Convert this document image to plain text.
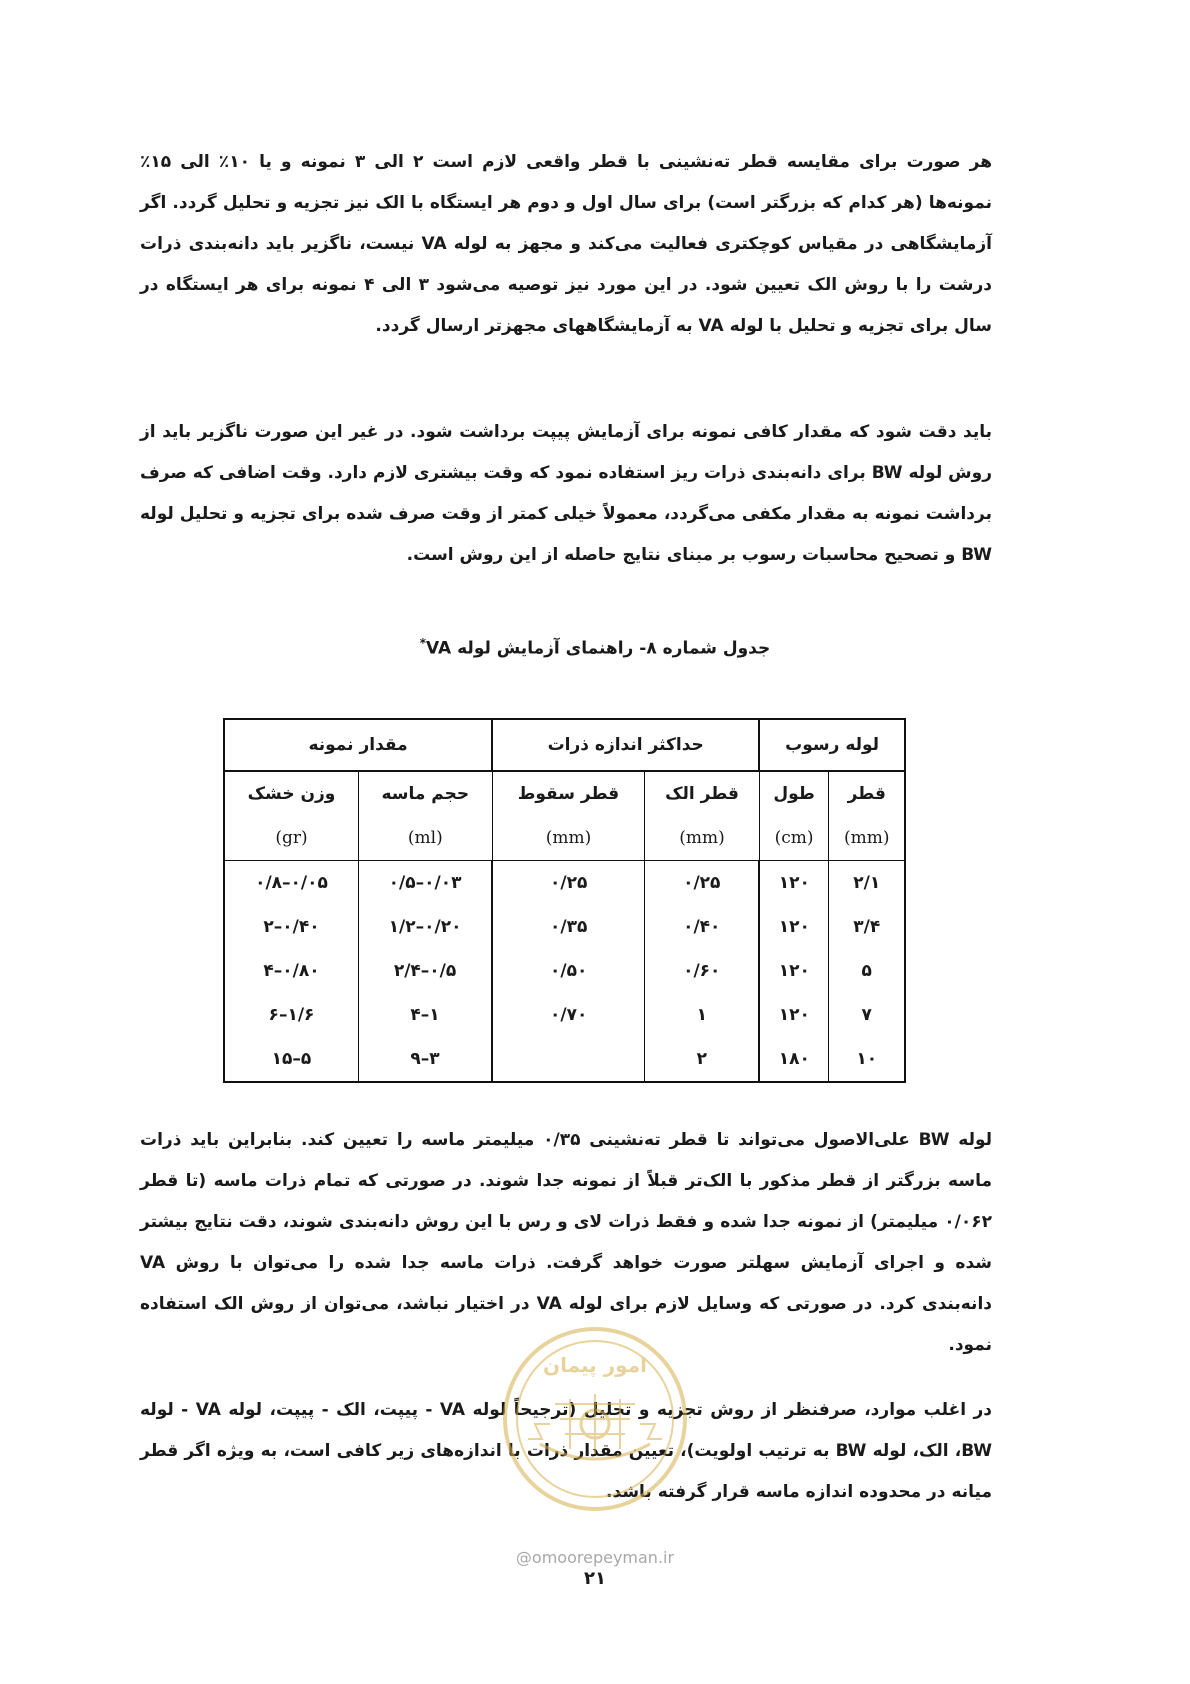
هر صورت برای مقایسه قطر ته‌نشینی با قطر واقعی لازم است ۲ الی ۳ نمونه و یا ۱۰٪ الی ۱۵٪ نمونه‌ها (هر کدام که بزرگتر است) برای سال اول و دوم هر ایستگاه با الک نیز تجزیه و تحلیل گردد. اگر آزمایشگاهی در مقیاس کوچکتری فعالیت می‌کند و مجهز به لوله VA نیست، ناگزیر باید دانه‌بندی ذرات درشت را با روش الک تعیین شود. در این مورد نیز توصیه می‌شود ۳ الی ۴ نمونه برای هر ایستگاه در سال برای تجزیه و تحلیل با لوله VA به آزمایشگاههای مجهزتر ارسال گردد.

باید دقت شود که مقدار کافی نمونه برای آزمایش پیپت برداشت شود. در غیر این صورت ناگزیر باید از روش لوله BW برای دانه‌بندی ذرات ریز استفاده نمود که وقت بیشتری لازم دارد. وقت اضافی که صرف برداشت نمونه به مقدار مکفی می‌گردد، معمولاً خیلی کمتر از وقت صرف شده برای تجزیه و تحلیل لوله BW و تصحیح محاسبات رسوب بر مبنای نتایج حاصله از این روش است.

جدول شماره ۸- راهنمای آزمایش لوله VA*
لوله رسوب		حداکثر اندازه ذرات		مقدار نمونه	
قطر	طول	قطر الک	قطر سقوط	حجم ماسه	وزن خشک
(mm)	(cm)	(mm)	(mm)	(ml)	(gr)
۲/۱	۱۲۰	۰/۲۵	۰/۲۵	۰/۰۳–۰/۵	۰/۰۵–۰/۸
۳/۴	۱۲۰	۰/۴۰	۰/۳۵	۰/۲۰–۱/۲	۰/۴۰–۲
۵	۱۲۰	۰/۶۰	۰/۵۰	۰/۵–۲/۴	۰/۸۰–۴
۷	۱۲۰	۱	۰/۷۰	۱–۴	۱/۶–۶
۱۰	۱۸۰	۲		۳–۹	۵–۱۵

لوله BW علی‌الاصول می‌تواند تا قطر ته‌نشینی ۰/۳۵ میلیمتر ماسه را تعیین کند. بنابراین باید ذرات ماسه بزرگتر از قطر مذکور با الک‌تر قبلاً از نمونه جدا شوند. در صورتی که تمام ذرات ماسه (تا قطر ۰/۰۶۲ میلیمتر) از نمونه جدا شده و فقط ذرات لای و رس با این روش دانه‌بندی شوند، دقت نتایج بیشتر شده و اجرای آزمایش سهلتر صورت خواهد گرفت. ذرات ماسه جدا شده را می‌توان با روش VA دانه‌بندی کرد. در صورتی که وسایل لازم برای لوله VA در اختیار نباشد، می‌توان از روش الک استفاده نمود.

در اغلب موارد، صرفنظر از روش تجزیه و تحلیل (ترجیحاً لوله VA - پیپت، الک - پیپت، لوله VA - لوله BW، الک، لوله BW به ترتیب اولویت)، تعیین مقدار ذرات با اندازه‌های زیر کافی است، به ویژه اگر قطر میانه در محدوده اندازه ماسه قرار گرفته باشد.

امور پیمان
@omoorepeyman.ir
۲۱
